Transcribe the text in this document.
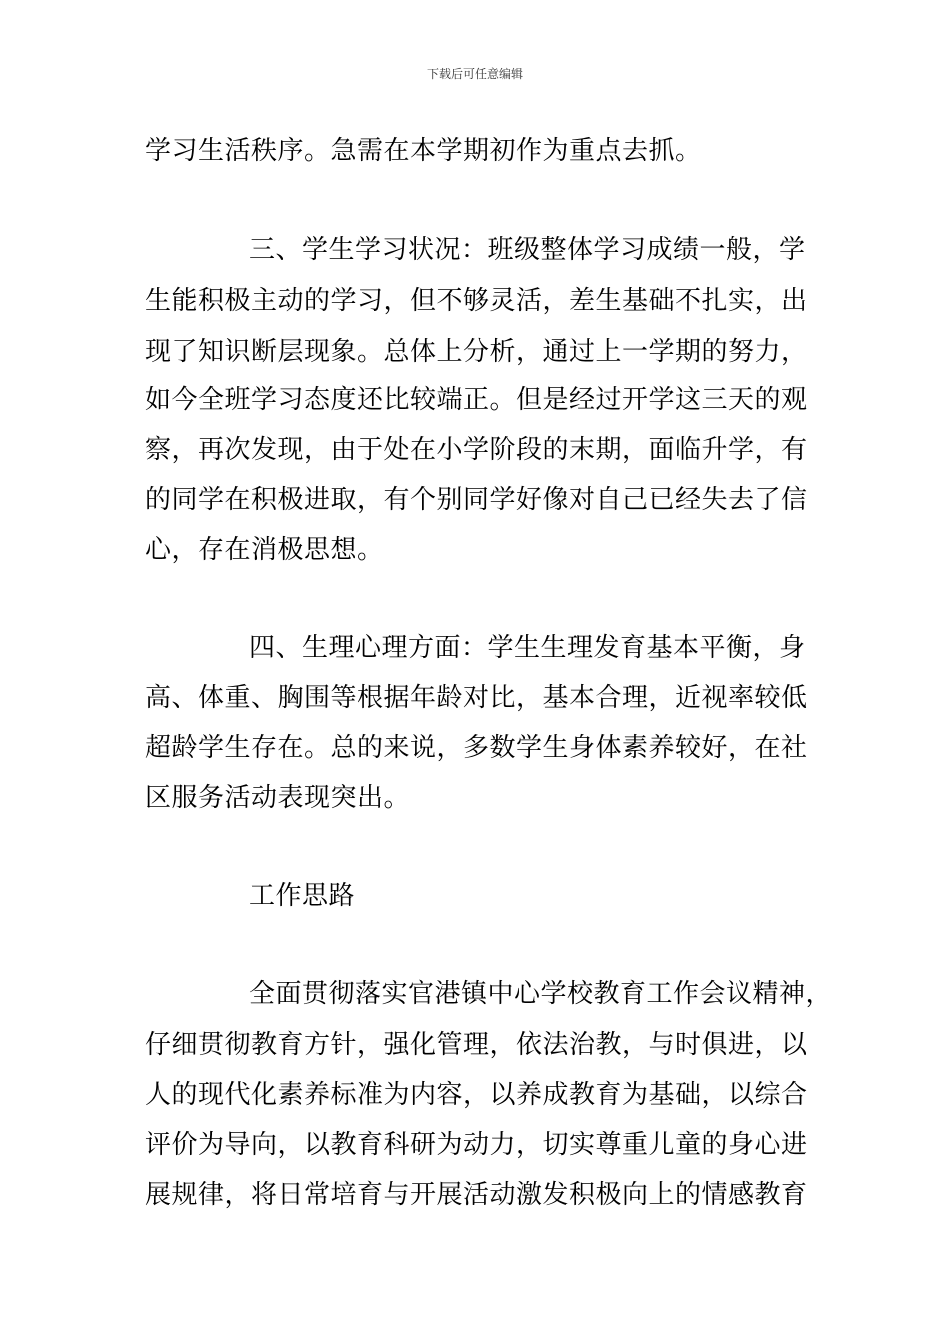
下载后可任意编辑
学习生活秩序。急需在本学期初作为重点去抓。
三、学生学习状况：班级整体学习成绩一般，学
生能积极主动的学习，但不够灵活，差生基础不扎实，出
现了知识断层现象。总体上分析，通过上一学期的努力，
如今全班学习态度还比较端正。但是经过开学这三天的观
察，再次发现，由于处在小学阶段的末期，面临升学，有
的同学在积极进取，有个别同学好像对自己已经失去了信
心，存在消极思想。
四、生理心理方面：学生生理发育基本平衡，身
高、体重、胸围等根据年龄对比，基本合理，近视率较低
超龄学生存在。总的来说，多数学生身体素养较好，在社
区服务活动表现突出。
工作思路
全面贯彻落实官港镇中心学校教育工作会议精神，
仔细贯彻教育方针，强化管理，依法治教，与时俱进，以
人的现代化素养标准为内容，以养成教育为基础，以综合
评价为导向，以教育科研为动力，切实尊重儿童的身心进
展规律，将日常培育与开展活动激发积极向上的情感教育
